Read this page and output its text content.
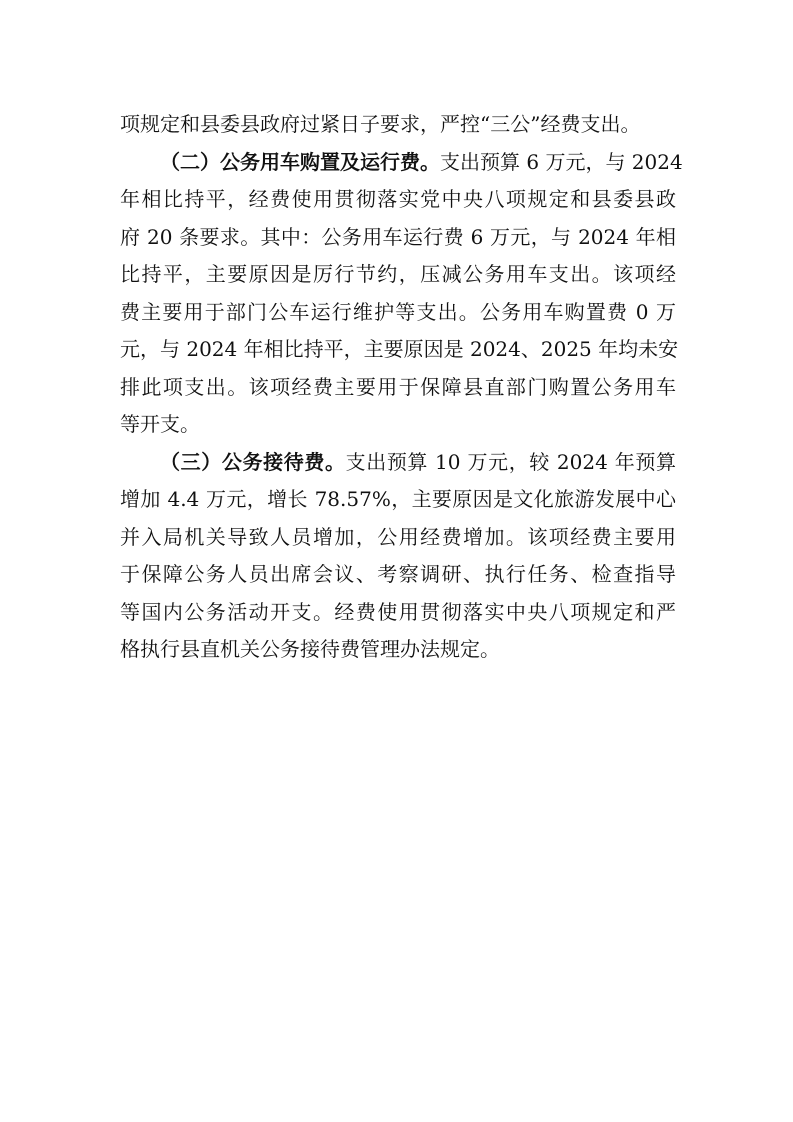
项规定和县委县政府过紧日子要求，严控“三公”经费支出。
（二）公务用车购置及运行费。支出预算 6 万元，与 2024
年相比持平，经费使用贯彻落实党中央八项规定和县委县政
府 20 条要求。其中：公务用车运行费 6 万元，与 2024 年相
比持平，主要原因是厉行节约，压减公务用车支出。该项经
费主要用于部门公车运行维护等支出。公务用车购置费 0 万
元，与 2024 年相比持平，主要原因是 2024、2025 年均未安
排此项支出。该项经费主要用于保障县直部门购置公务用车
等开支。
（三）公务接待费。支出预算 10 万元，较 2024 年预算
增加 4.4 万元，增长 78.57%，主要原因是文化旅游发展中心
并入局机关导致人员增加，公用经费增加。该项经费主要用
于保障公务人员出席会议、考察调研、执行任务、检查指导
等国内公务活动开支。经费使用贯彻落实中央八项规定和严
格执行县直机关公务接待费管理办法规定。
